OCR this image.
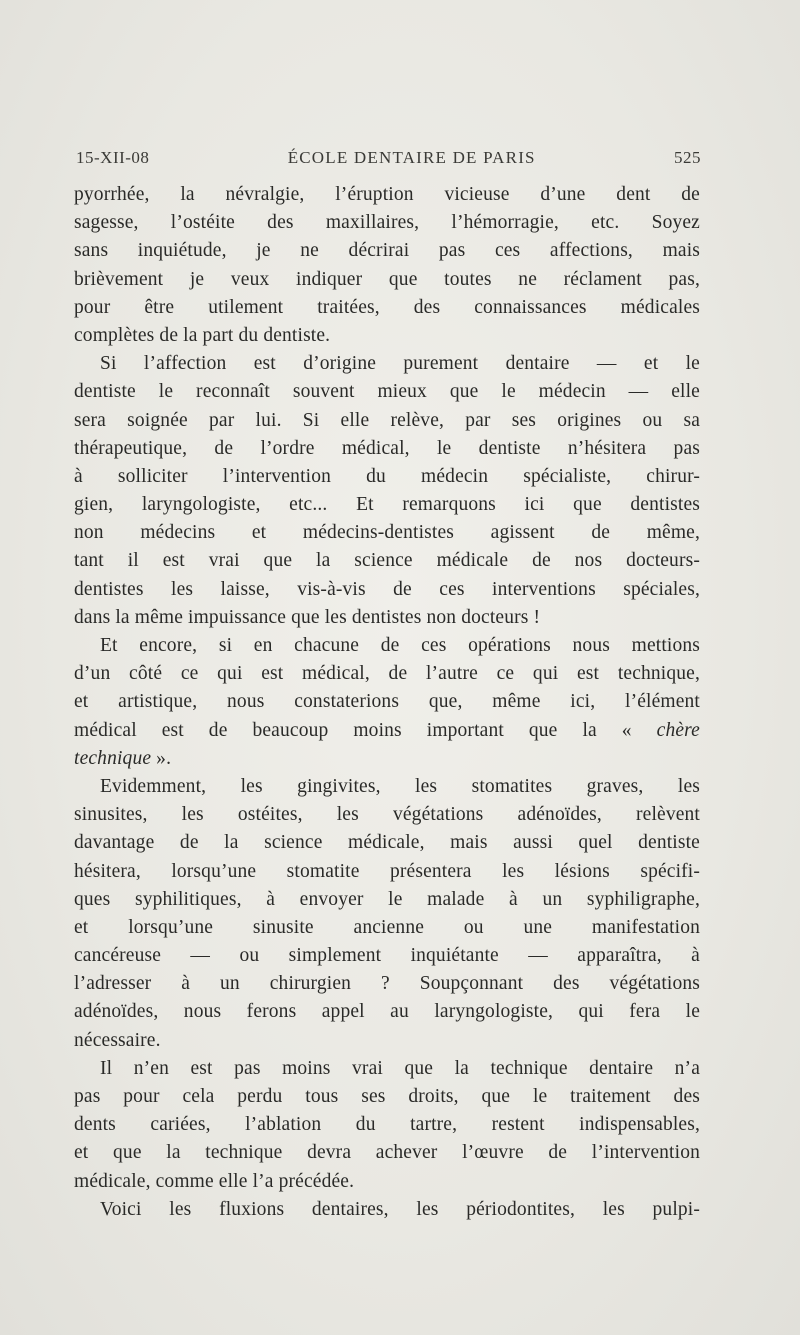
15-XII-08	ÉCOLE DENTAIRE DE PARIS	525
pyorrhée, la névralgie, l’éruption vicieuse d’une dent de
sagesse, l’ostéite des maxillaires, l’hémorragie, etc. Soyez
sans inquiétude, je ne décrirai pas ces affections, mais
brièvement je veux indiquer que toutes ne réclament pas,
pour être utilement traitées, des connaissances médicales
complètes de la part du dentiste.
Si l’affection est d’origine purement dentaire — et le
dentiste le reconnaît souvent mieux que le médecin — elle
sera soignée par lui. Si elle relève, par ses origines ou sa
thérapeutique, de l’ordre médical, le dentiste n’hésitera pas
à solliciter l’intervention du médecin spécialiste, chirur-
gien, laryngologiste, etc... Et remarquons ici que dentistes
non médecins et médecins-dentistes agissent de même,
tant il est vrai que la science médicale de nos docteurs-
dentistes les laisse, vis-à-vis de ces interventions spéciales,
dans la même impuissance que les dentistes non docteurs !
Et encore, si en chacune de ces opérations nous mettions
d’un côté ce qui est médical, de l’autre ce qui est technique,
et artistique, nous constaterions que, même ici, l’élément
médical est de beaucoup moins important que la « chère
technique ».
Evidemment, les gingivites, les stomatites graves, les
sinusites, les ostéites, les végétations adénoïdes, relèvent
davantage de la science médicale, mais aussi quel dentiste
hésitera, lorsqu’une stomatite présentera les lésions spécifi-
ques syphilitiques, à envoyer le malade à un syphiligraphe,
et lorsqu’une sinusite ancienne ou une manifestation
cancéreuse — ou simplement inquiétante — apparaîtra, à
l’adresser à un chirurgien ? Soupçonnant des végétations
adénoïdes, nous ferons appel au laryngologiste, qui fera le
nécessaire.
Il n’en est pas moins vrai que la technique dentaire n’a
pas pour cela perdu tous ses droits, que le traitement des
dents cariées, l’ablation du tartre, restent indispensables,
et que la technique devra achever l’œuvre de l’intervention
médicale, comme elle l’a précédée.
Voici les fluxions dentaires, les périodontites, les pulpi-
